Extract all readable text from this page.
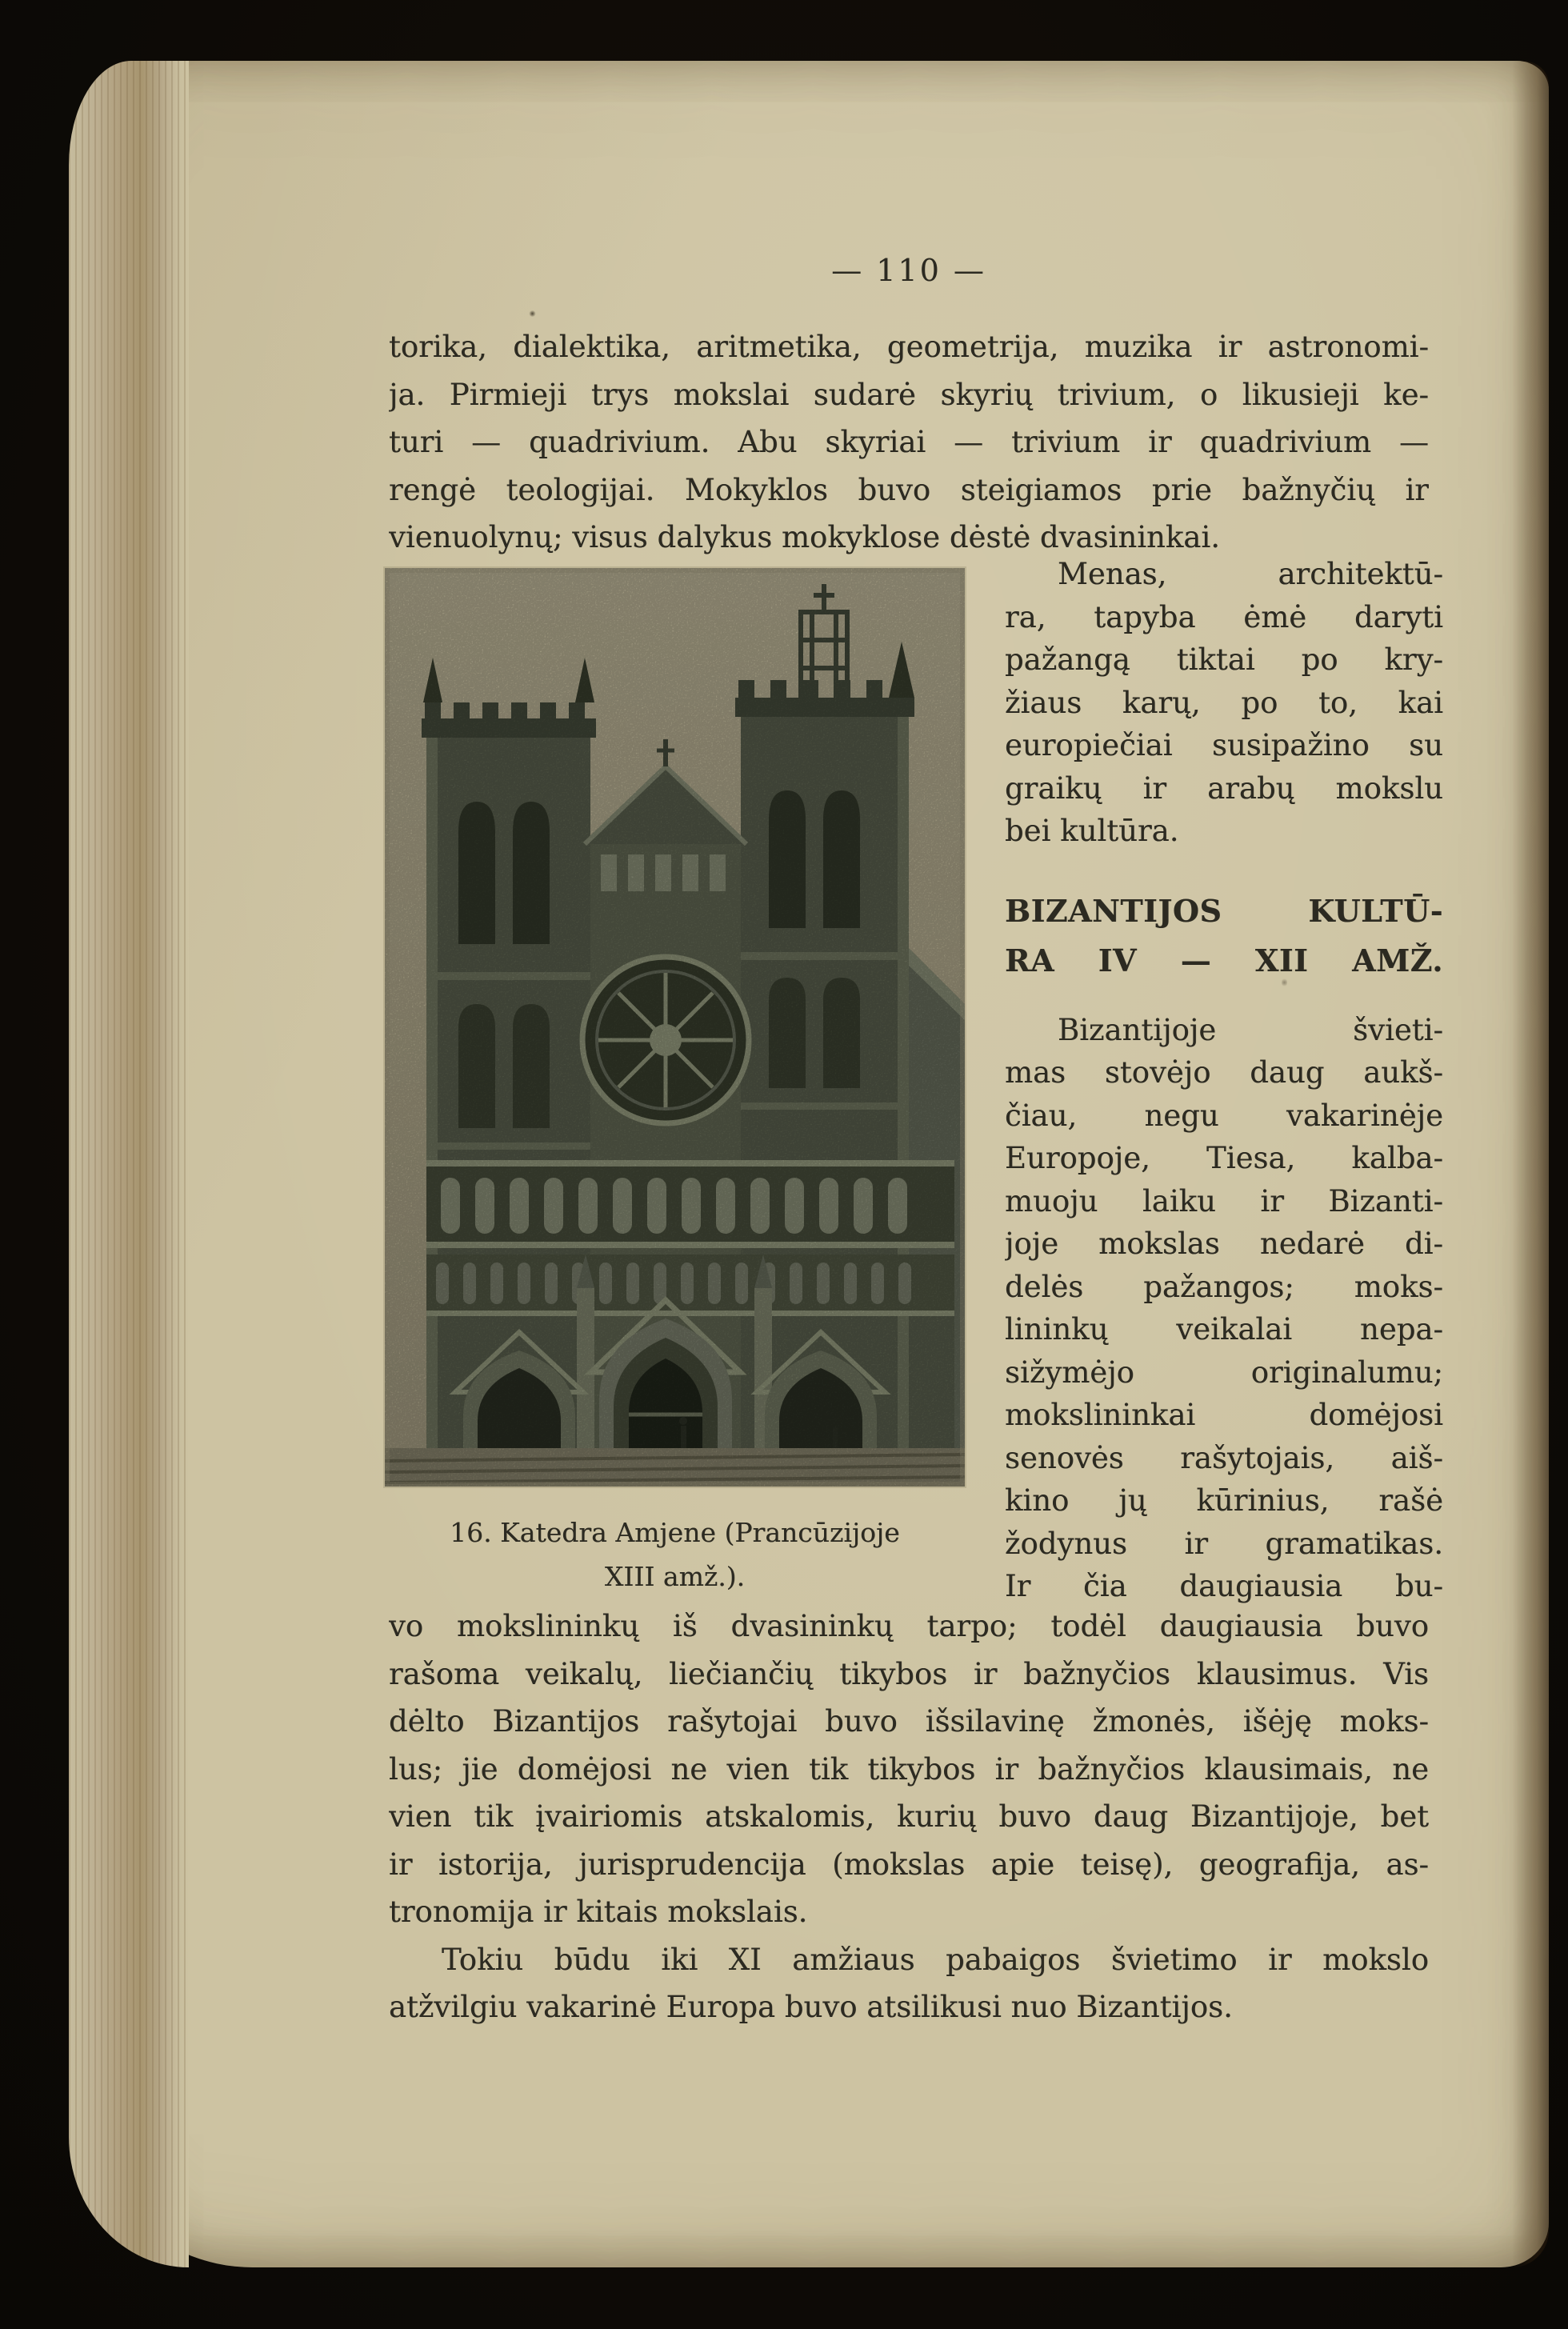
— 110 —
torika, dialektika, aritmetika, geometrija, muzika ir astronomi-
ja. Pirmieji trys mokslai sudarė skyrių trivium, o likusieji ke-
turi — quadrivium. Abu skyriai — trivium ir quadrivium —
rengė teologijai. Mokyklos buvo steigiamos prie bažnyčių ir
vienuolynų; visus dalykus mokyklose dėstė dvasininkai.
16. Katedra Amjene (Prancūzijoje
XIII amž.).
Menas, architektū-
ra, tapyba ėmė daryti
pažangą tiktai po kry-
žiaus karų, po to, kai
europiečiai susipažino su
graikų ir arabų mokslu
bei kultūra.
BIZANTIJOS KULTŪ-
RA IV — XII AMŽ.
Bizantijoje švieti-
mas stovėjo daug aukš-
čiau, negu vakarinėje
Europoje, Tiesa, kalba-
muoju laiku ir Bizanti-
joje mokslas nedarė di-
delės pažangos; moks-
lininkų veikalai nepa-
sižymėjo originalumu;
mokslininkai domėjosi
senovės rašytojais, aiš-
kino jų kūrinius, rašė
žodynus ir gramatikas.
Ir čia daugiausia bu-
vo mokslininkų iš dvasininkų tarpo; todėl daugiausia buvo
rašoma veikalų, liečiančių tikybos ir bažnyčios klausimus. Vis
dėlto Bizantijos rašytojai buvo išsilavinę žmonės, išėję moks-
lus; jie domėjosi ne vien tik tikybos ir bažnyčios klausimais, ne
vien tik įvairiomis atskalomis, kurių buvo daug Bizantijoje, bet
ir istorija, jurisprudencija (mokslas apie teisę), geografija, as-
tronomija ir kitais mokslais.
Tokiu būdu iki XI amžiaus pabaigos švietimo ir mokslo
atžvilgiu vakarinė Europa buvo atsilikusi nuo Bizantijos.
